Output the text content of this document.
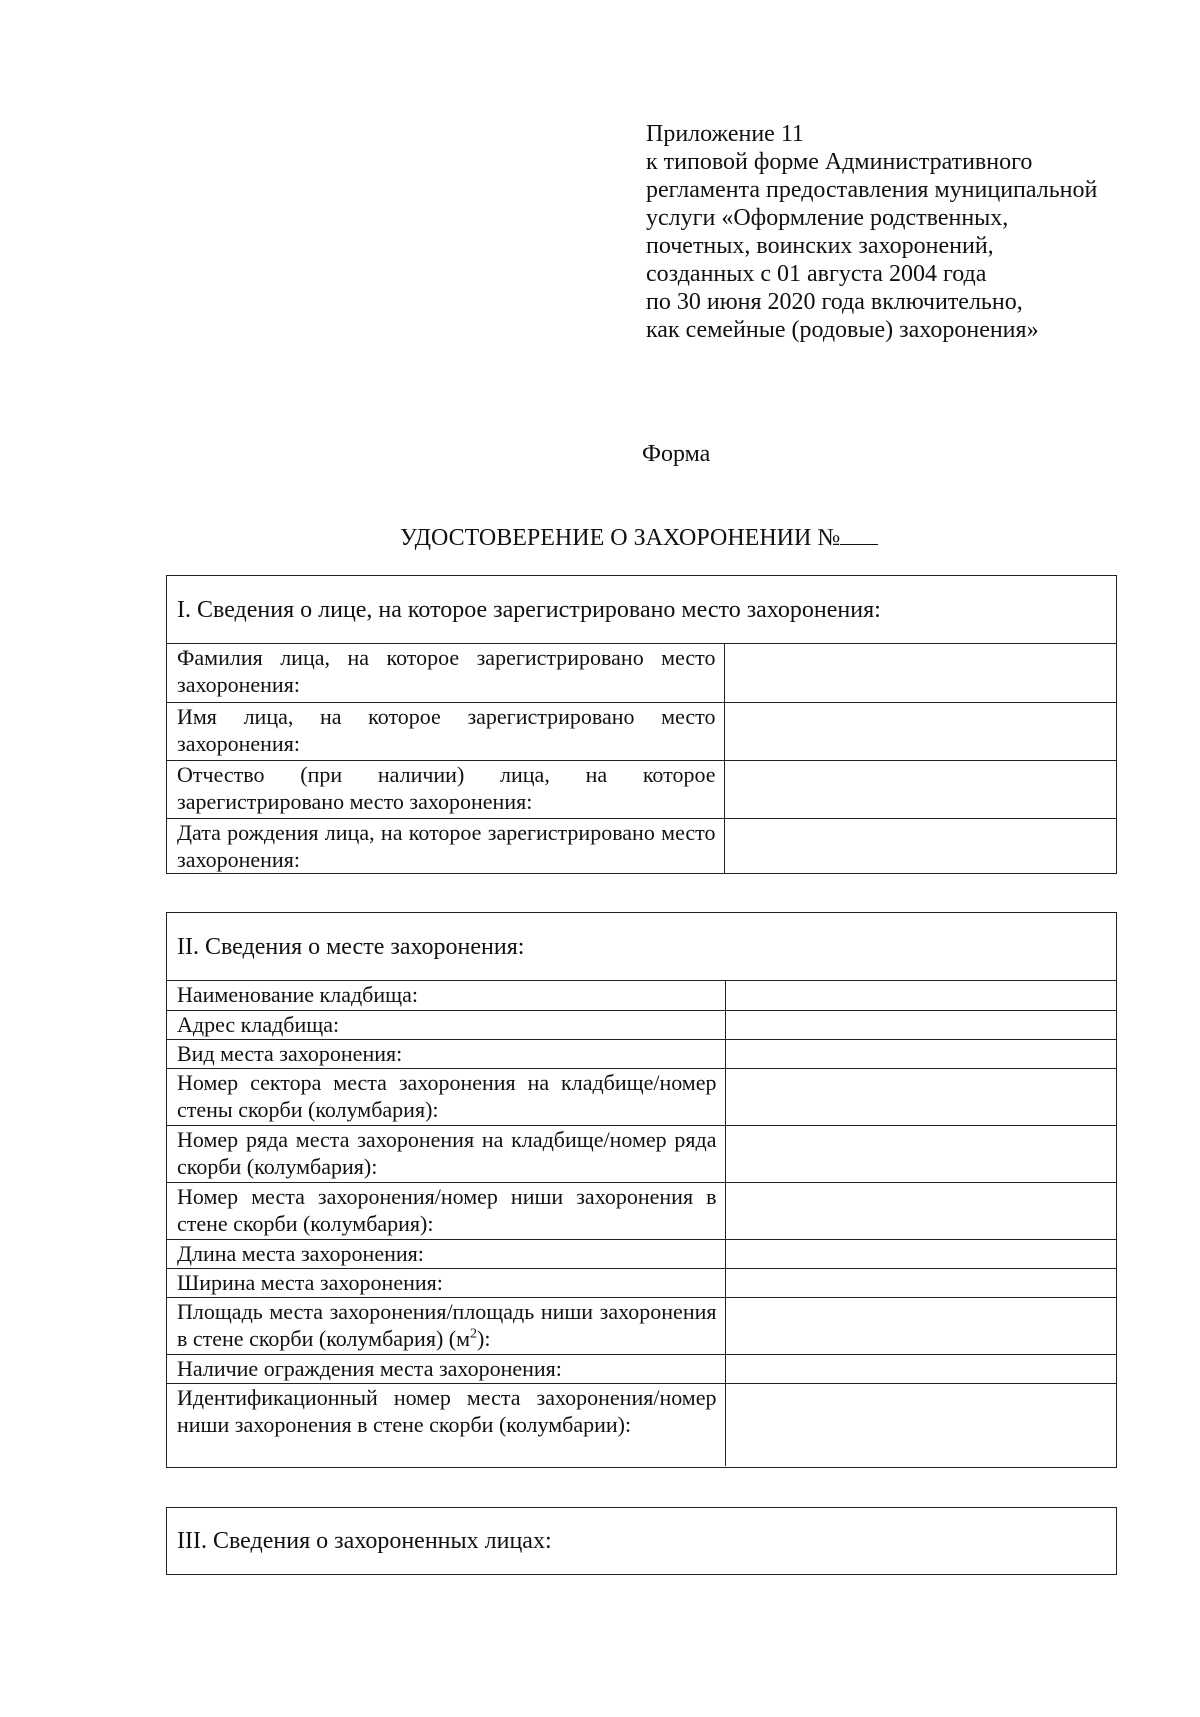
Приложение 11
к типовой форме Административного
регламента предоставления муниципальной
услуги «Оформление родственных,
почетных, воинских захоронений,
созданных с 01 августа 2004 года
по 30 июня 2020 года включительно,
как семейные (родовые) захоронения»
Форма
УДОСТОВЕРЕНИЕ О ЗАХОРОНЕНИИ №
I. Сведения о лице, на которое зарегистрировано место захоронения:
Фамилия лица, на которое зарегистрировано место захоронения:	
Имя лица, на которое зарегистрировано место захоронения:	
Отчество (при наличии) лица, на которое зарегистрировано место захоронения:	
Дата рождения лица, на которое зарегистрировано место захоронения:	
II. Сведения о месте захоронения:
Наименование кладбища:	
Адрес кладбища:	
Вид места захоронения:	
Номер сектора места захоронения на кладбище/номер стены скорби (колумбария):	
Номер ряда места захоронения на кладбище/номер ряда скорби (колумбария):	
Номер места захоронения/номер ниши захоронения в стене скорби (колумбария):	
Длина места захоронения:	
Ширина места захоронения:	
Площадь места захоронения/площадь ниши захоронения в стене скорби (колумбария) $(м^2)$:	
Наличие ограждения места захоронения:	
Идентификационный номер места захоронения/номер ниши захоронения в стене скорби (колумбарии):	
III. Сведения о захороненных лицах:
